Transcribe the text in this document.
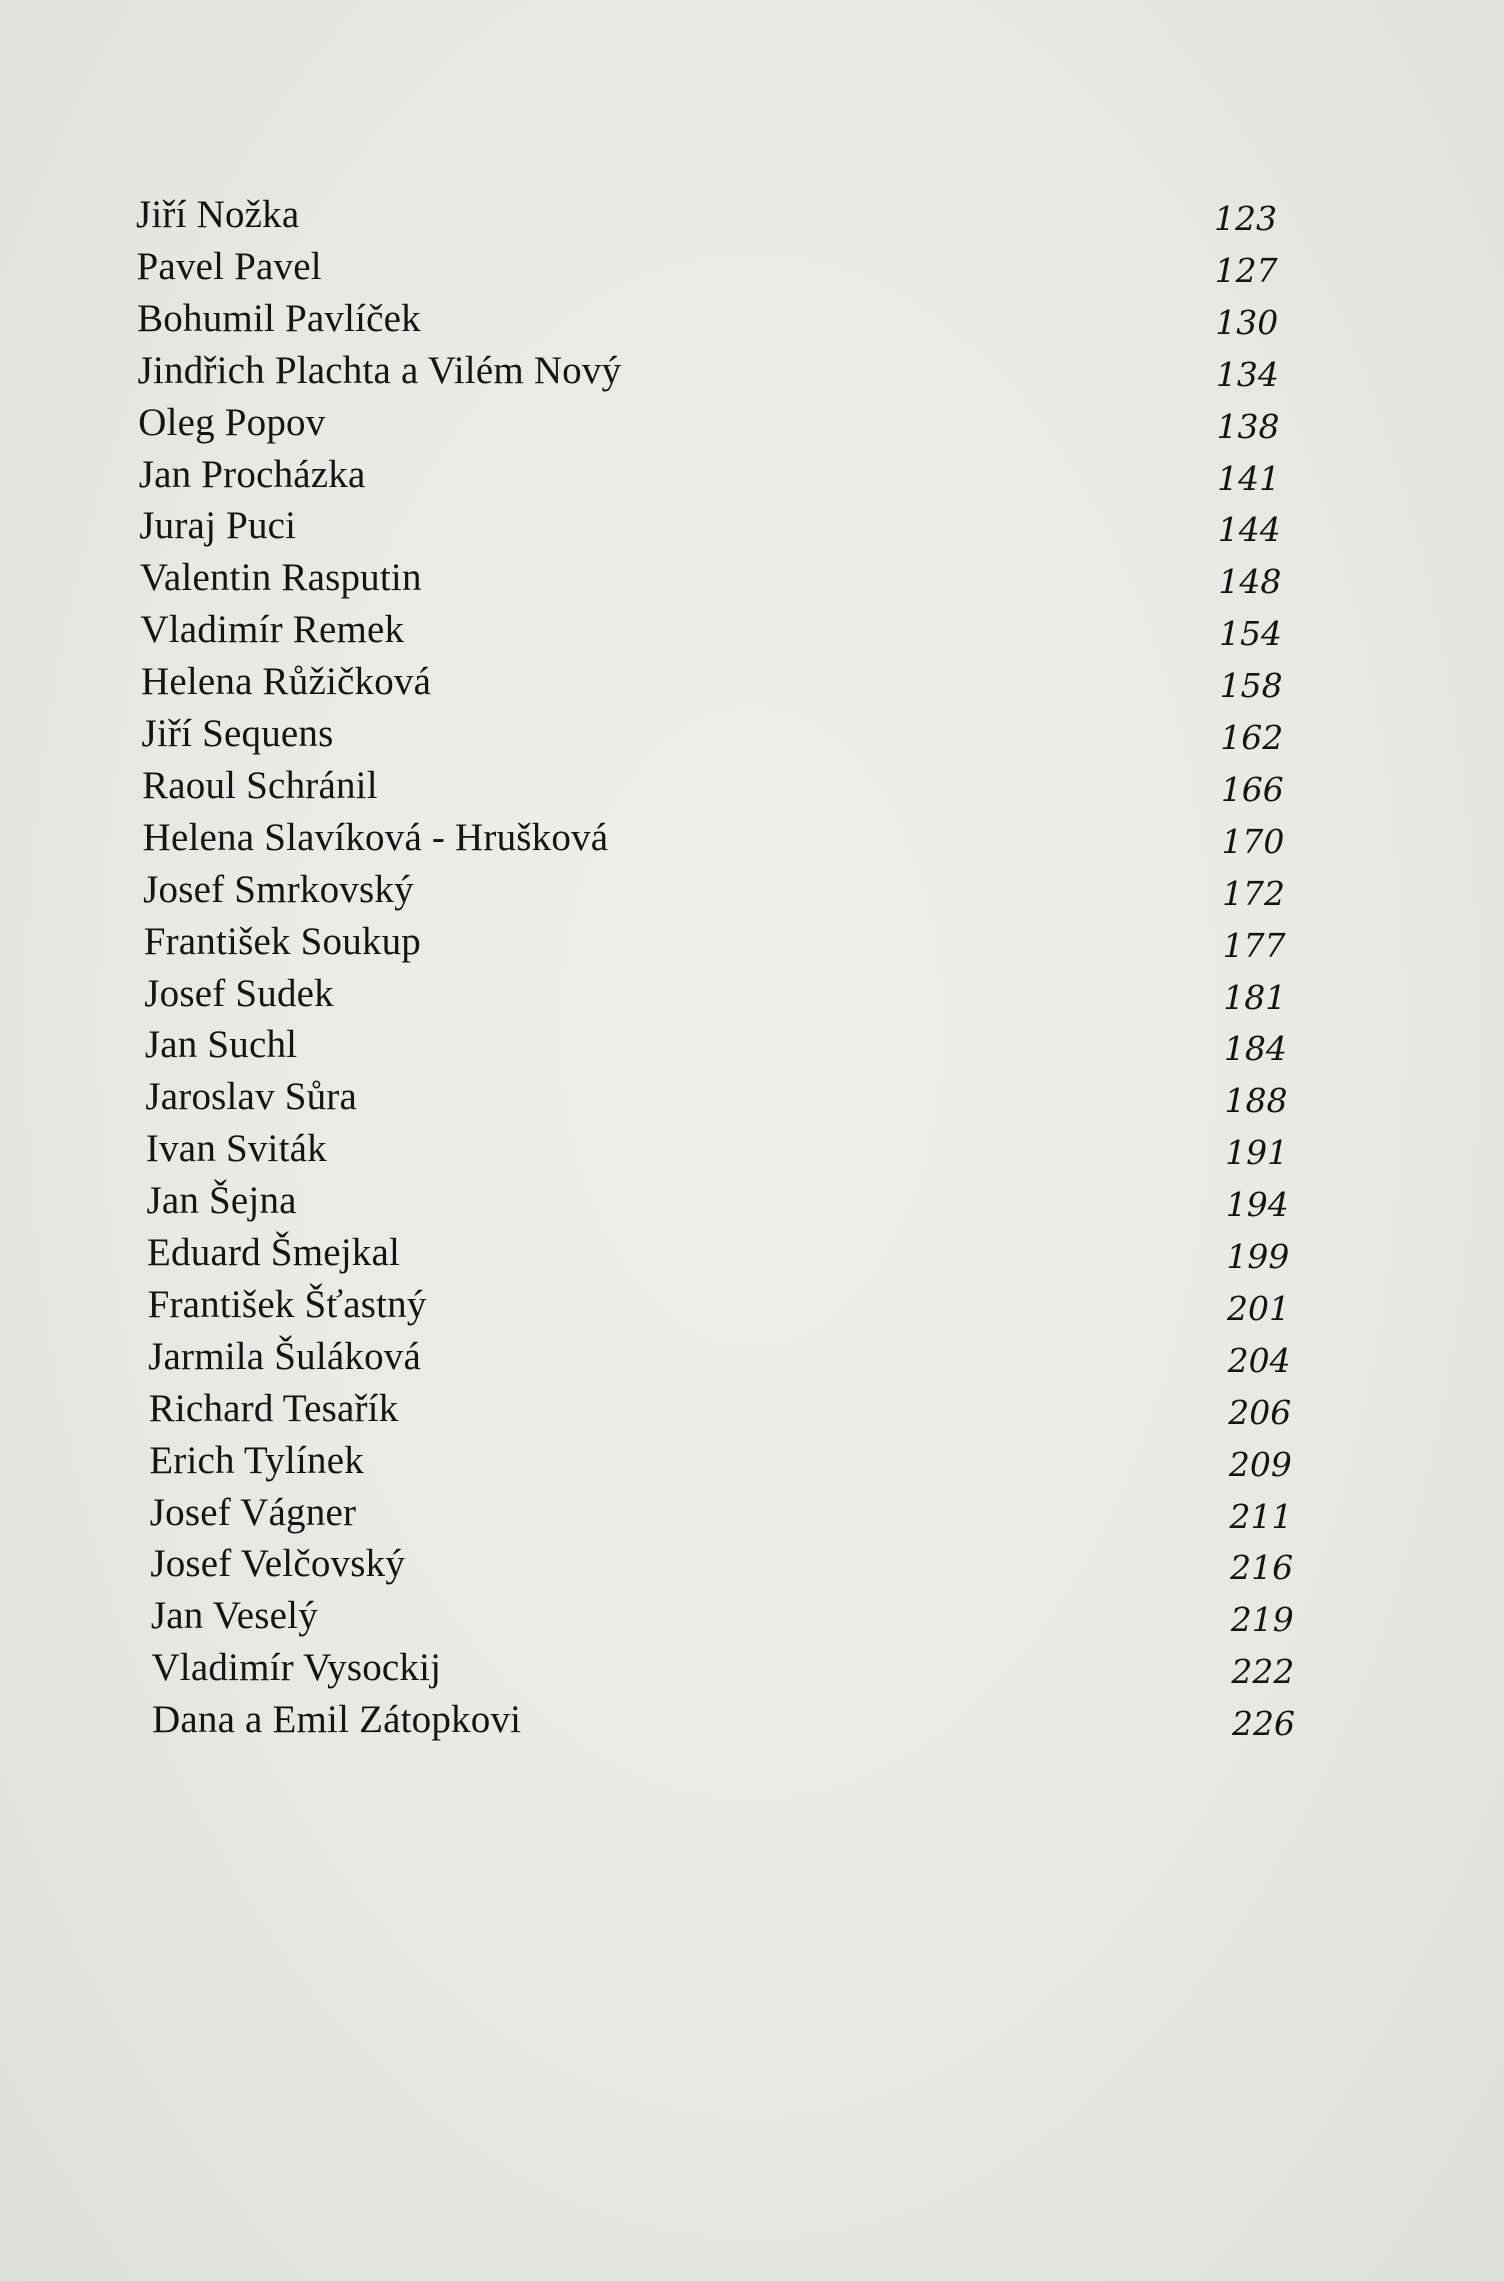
Jiří Nožka	123
Pavel Pavel	127
Bohumil Pavlíček	130
Jindřich Plachta a Vilém Nový	134
Oleg Popov	138
Jan Procházka	141
Juraj Puci	144
Valentin Rasputin	148
Vladimír Remek	154
Helena Růžičková	158
Jiří Sequens	162
Raoul Schránil	166
Helena Slavíková - Hrušková	170
Josef Smrkovský	172
František Soukup	177
Josef Sudek	181
Jan Suchl	184
Jaroslav Sůra	188
Ivan Sviták	191
Jan Šejna	194
Eduard Šmejkal	199
František Šťastný	201
Jarmila Šuláková	204
Richard Tesařík	206
Erich Tylínek	209
Josef Vágner	211
Josef Velčovský	216
Jan Veselý	219
Vladimír Vysockij	222
Dana a Emil Zátopkovi	226
